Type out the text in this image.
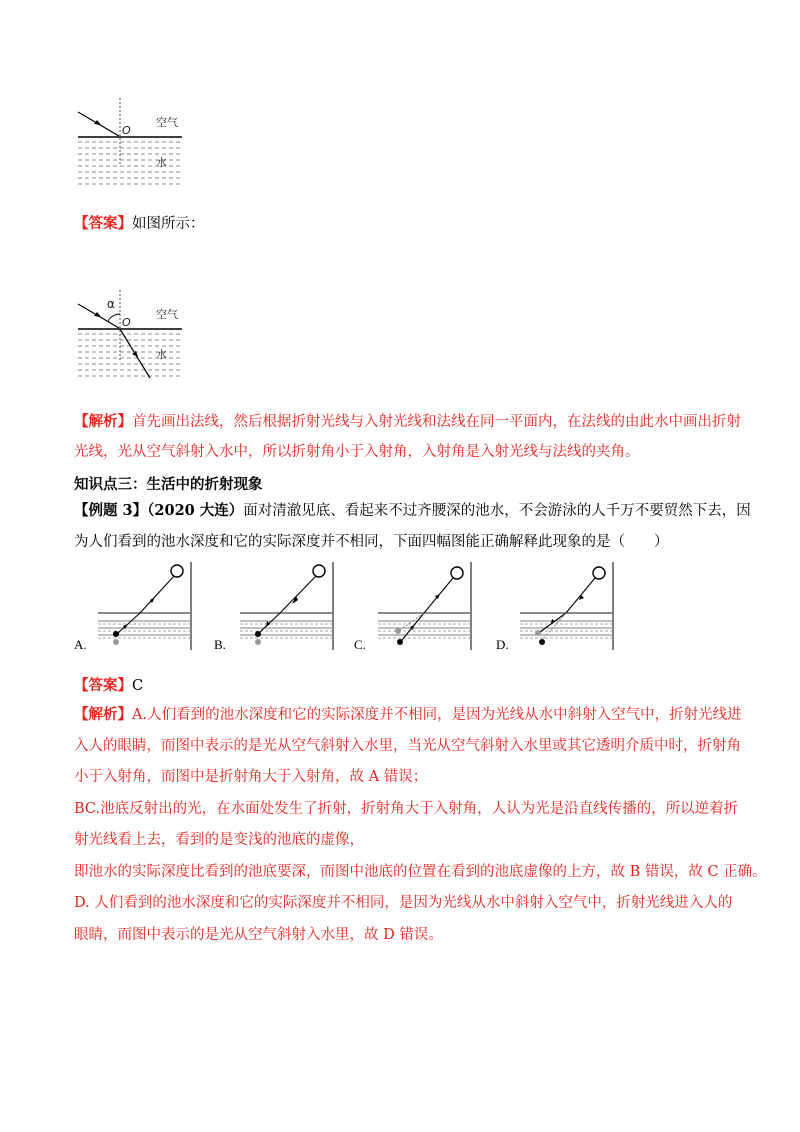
O
空气
水
【答案】如图所示：
α
O
空气
水
【解析】首先画出法线，然后根据折射光线与入射光线和法线在同一平面内，在法线的由此水中画出折射
光线，光从空气斜射入水中，所以折射角小于入射角，入射角是入射光线与法线的夹角。
知识点三：生活中的折射现象
【例题 3】（2020 大连）面对清澈见底、看起来不过齐腰深的池水，不会游泳的人千万不要贸然下去，因
为人们看到的池水深度和它的实际深度并不相同，下面四幅图能正确解释此现象的是（　　）
A.	B.	C.	D.
【答案】C
【解析】A.人们看到的池水深度和它的实际深度并不相同，是因为光线从水中斜射入空气中，折射光线进
入人的眼睛，而图中表示的是光从空气斜射入水里，当光从空气斜射入水里或其它透明介质中时，折射角
小于入射角，而图中是折射角大于入射角，故 A 错误；
BC.池底反射出的光，在水面处发生了折射，折射角大于入射角，人认为光是沿直线传播的，所以逆着折
射光线看上去，看到的是变浅的池底的虚像，
即池水的实际深度比看到的池底要深，而图中池底的位置在看到的池底虚像的上方，故 B 错误，故 C 正确。
D. 人们看到的池水深度和它的实际深度并不相同，是因为光线从水中斜射入空气中，折射光线进入人的
眼睛，而图中表示的是光从空气斜射入水里，故 D 错误。
